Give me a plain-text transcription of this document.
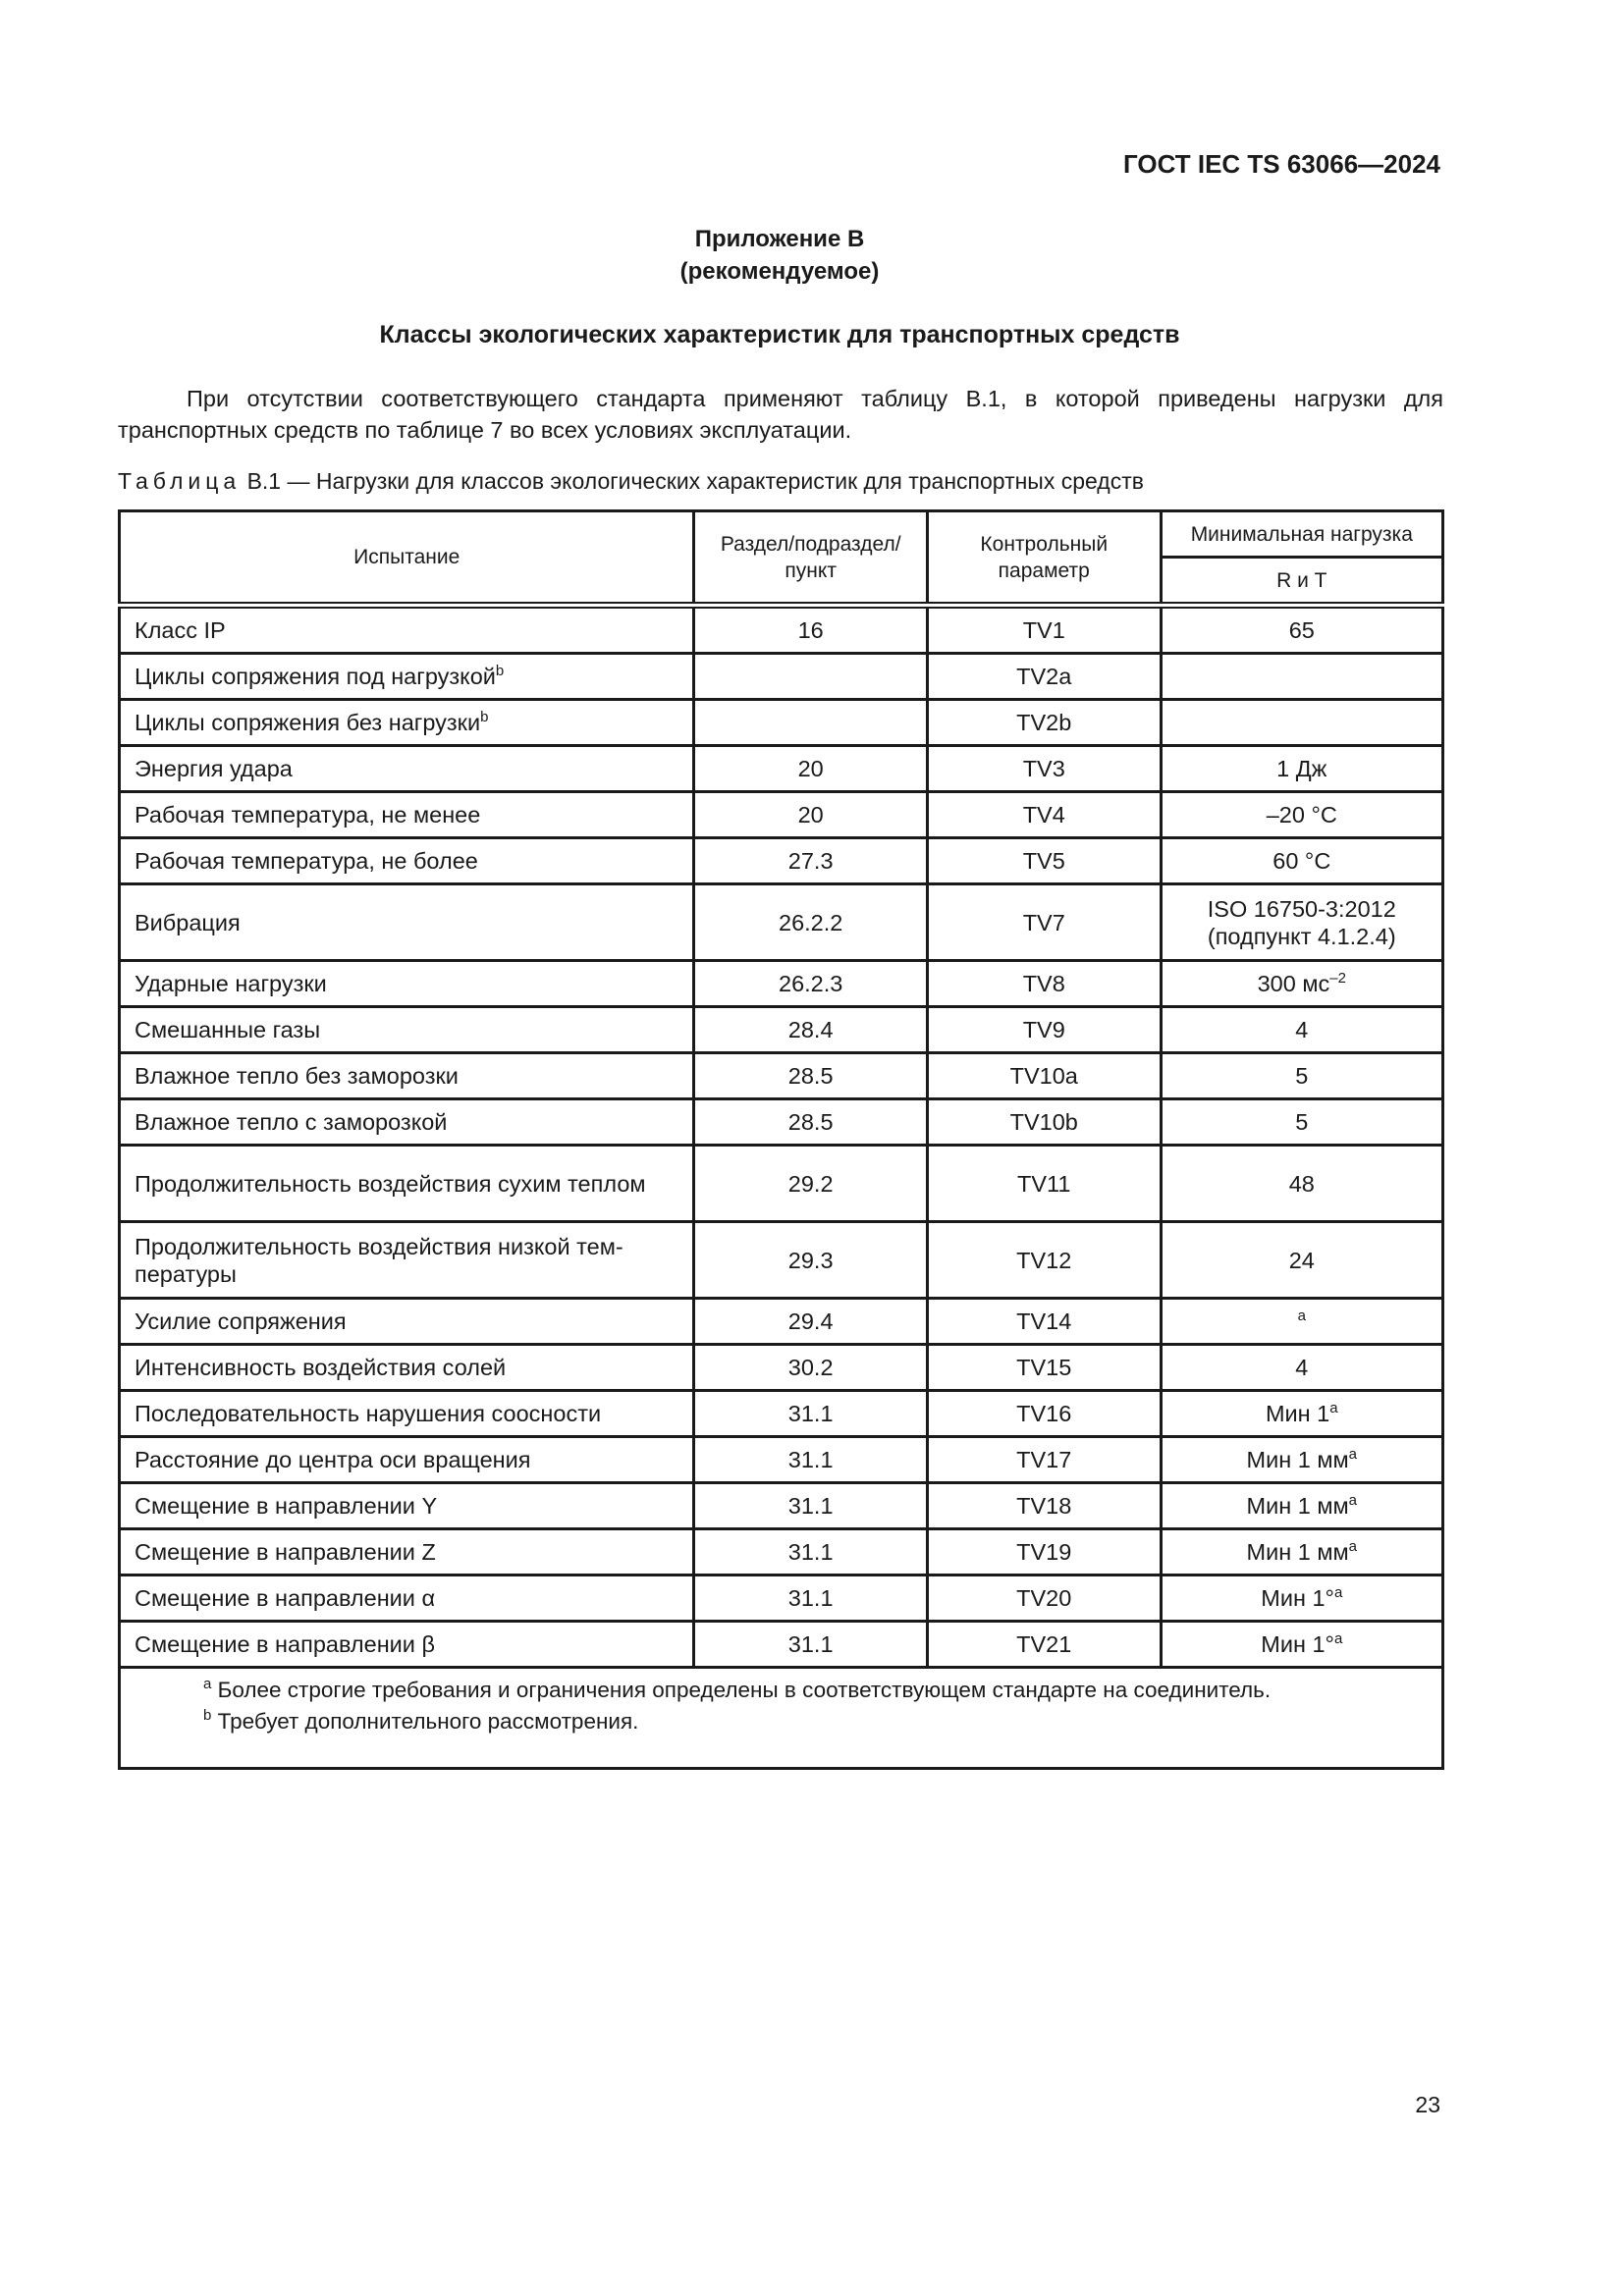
ГОСТ IEC TS 63066—2024
Приложение B
(рекомендуемое)
Классы экологических характеристик для транспортных средств
При отсутствии соответствующего стандарта применяют таблицу B.1, в которой приведены нагрузки для транспортных средств по таблице 7 во всех условиях эксплуатации.
Таблица B.1 — Нагрузки для классов экологических характеристик для транспортных средств
Испытание	Раздел/подраздел/ пункт	Контрольный параметр	Минимальная нагрузка
			R и T
Класс IP	16	TV1	65
Циклы сопряжения под нагрузкой$^b$		TV2a	
Циклы сопряжения без нагрузки$^b$		TV2b	
Энергия удара	20	TV3	1 Дж
Рабочая температура, не менее	20	TV4	–20 °C
Рабочая температура, не более	27.3	TV5	60 °C
Вибрация	26.2.2	TV7	ISO 16750-3:2012 (подпункт 4.1.2.4)
Ударные нагрузки	26.2.3	TV8	300 $мс^{-2}$
Смешанные газы	28.4	TV9	4
Влажное тепло без заморозки	28.5	TV10a	5
Влажное тепло с заморозкой	28.5	TV10b	5
Продолжительность воздействия сухим теплом	29.2	TV11	48
Продолжительность воздействия низкой тем-пературы	29.3	TV12	24
Усилие сопряжения	29.4	TV14	$^a$
Интенсивность воздействия солей	30.2	TV15	4
Последовательность нарушения соосности	31.1	TV16	Мин 1$^a$
Расстояние до центра оси вращения	31.1	TV17	Мин 1 $мм^a$
Смещение в направлении Y	31.1	TV18	Мин 1 $мм^a$
Смещение в направлении Z	31.1	TV19	Мин 1 $мм^a$
Смещение в направлении α	31.1	TV20	Мин 1°$^a$
Смещение в направлении β	31.1	TV21	Мин 1°$^a$

$^a$ Более строгие требования и ограничения определены в соответствующем стандарте на соединитель.
$^b$ Требует дополнительного рассмотрения.			
23
